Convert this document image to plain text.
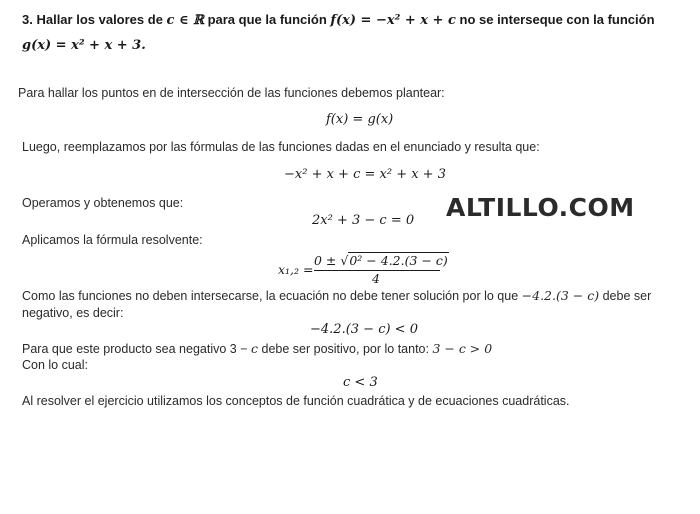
3. Hallar los valores de c ∈ ℝ para que la función f(x) = −x² + x + c no se interseque con la función
g(x) = x² + x + 3.
Para hallar los puntos en de intersección de las funciones debemos plantear:
f(x) = g(x)
Luego, reemplazamos por las fórmulas de las funciones dadas en el enunciado y resulta que:
−x² + x + c = x² + x + 3
Operamos y obtenemos que:
2x² + 3 − c = 0 ALTILLO.COM
Aplicamos la fórmula resolvente:
x₁,₂ =
0 ± √0² − 4.2.(3 − c)
4
Como las funciones no deben intersecarse, la ecuación no debe tener solución por lo que −4.2.(3 − c) debe ser
negativo, es decir:
−4.2.(3 − c) < 0
Para que este producto sea negativo 3 − c debe ser positivo, por lo tanto: 3 − c > 0
Con lo cual:
c < 3
Al resolver el ejercicio utilizamos los conceptos de función cuadrática y de ecuaciones cuadráticas.
